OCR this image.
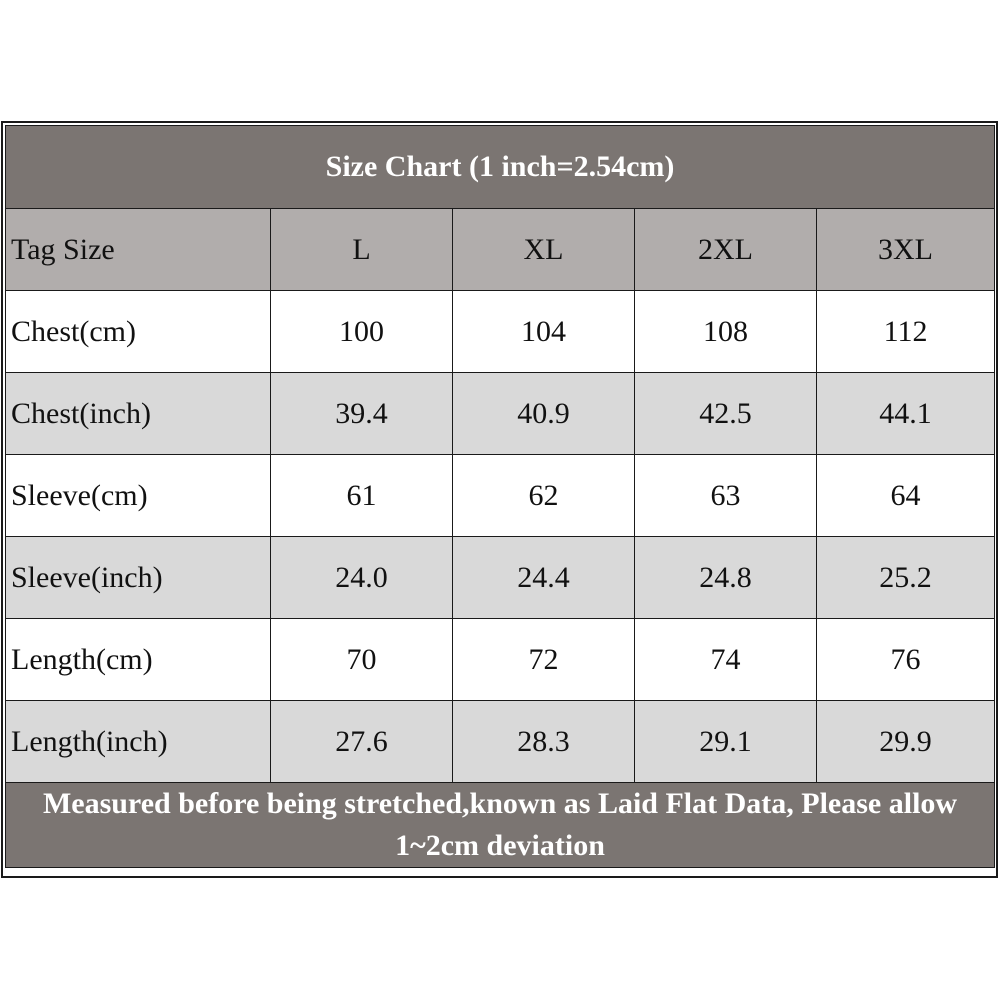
Size Chart (1 inch=2.54cm)				
Tag Size	L	XL	2XL	3XL
Chest(cm)	100	104	108	112
Chest(inch)	39.4	40.9	42.5	44.1
Sleeve(cm)	61	62	63	64
Sleeve(inch)	24.0	24.4	24.8	25.2
Length(cm)	70	72	74	76
Length(inch)	27.6	28.3	29.1	29.9
Measured before being stretched,known as Laid Flat Data, Please allow 1~2cm deviation				
